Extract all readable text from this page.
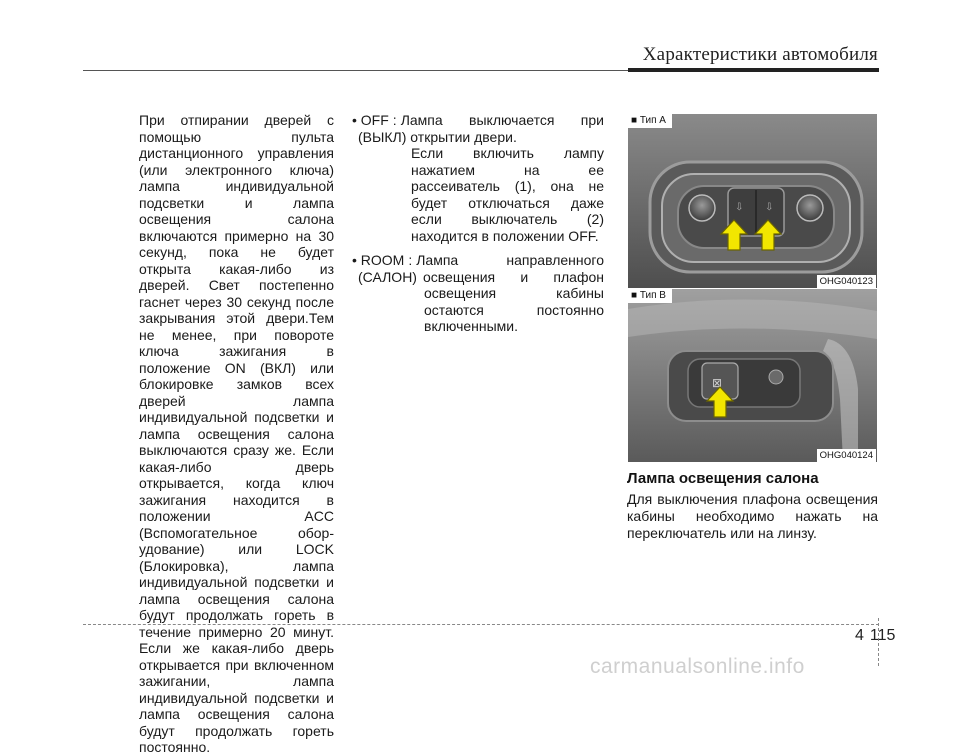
Характеристики автомобиля

При отпирании дверей с помощью пульта дистанционного управления (или электронного ключа) лампа индивидуальной подсветки и лампа освещения	салона включаются примерно на 30 секунд, пока не будет открыта какая-либо из дверей. Свет постепенно гаснет через 30 секунд после закрывания этой двери.Тем не менее, при повороте ключа зажигания в положение ON (ВКЛ) или блокировке замков всех дверей	лампа индивидуальной подсветки и лампа освещения салона выключаются сразу же. Если какая-либо дверь открывается, когда ключ зажигания находится в положении ACC (Вспомогательное обор- удование) или LOCK (Блокировка), лампа индивидуальной подсветки и лампа освещения салона будут продолжать гореть в течение примерно 20 минут. Если же какая-либо дверь открывается при включенном зажигании,	лампа индивидуальной подсветки и лампа освещения салона будут продолжать гореть постоянно.

• OFF : Лампа выключается при
(ВЫКЛ) открытии двери.
Если включить лампу нажатием на ее рассеиватель (1), она не будет отключаться даже если выключатель (2) находится в положении OFF.
• ROOM : Лампа направленного
(САЛОН) освещения и плафон
освещения кабины остаются постоянно включенными.
⇩ ⇩
■ Тип A
OHG040123
⊠
■ Тип B
OHG040124
Лампа освещения салона
Для выключения плафона освещения кабины необходимо нажать на переключатель или на линзу.
4 115
carmanualsonline.info
